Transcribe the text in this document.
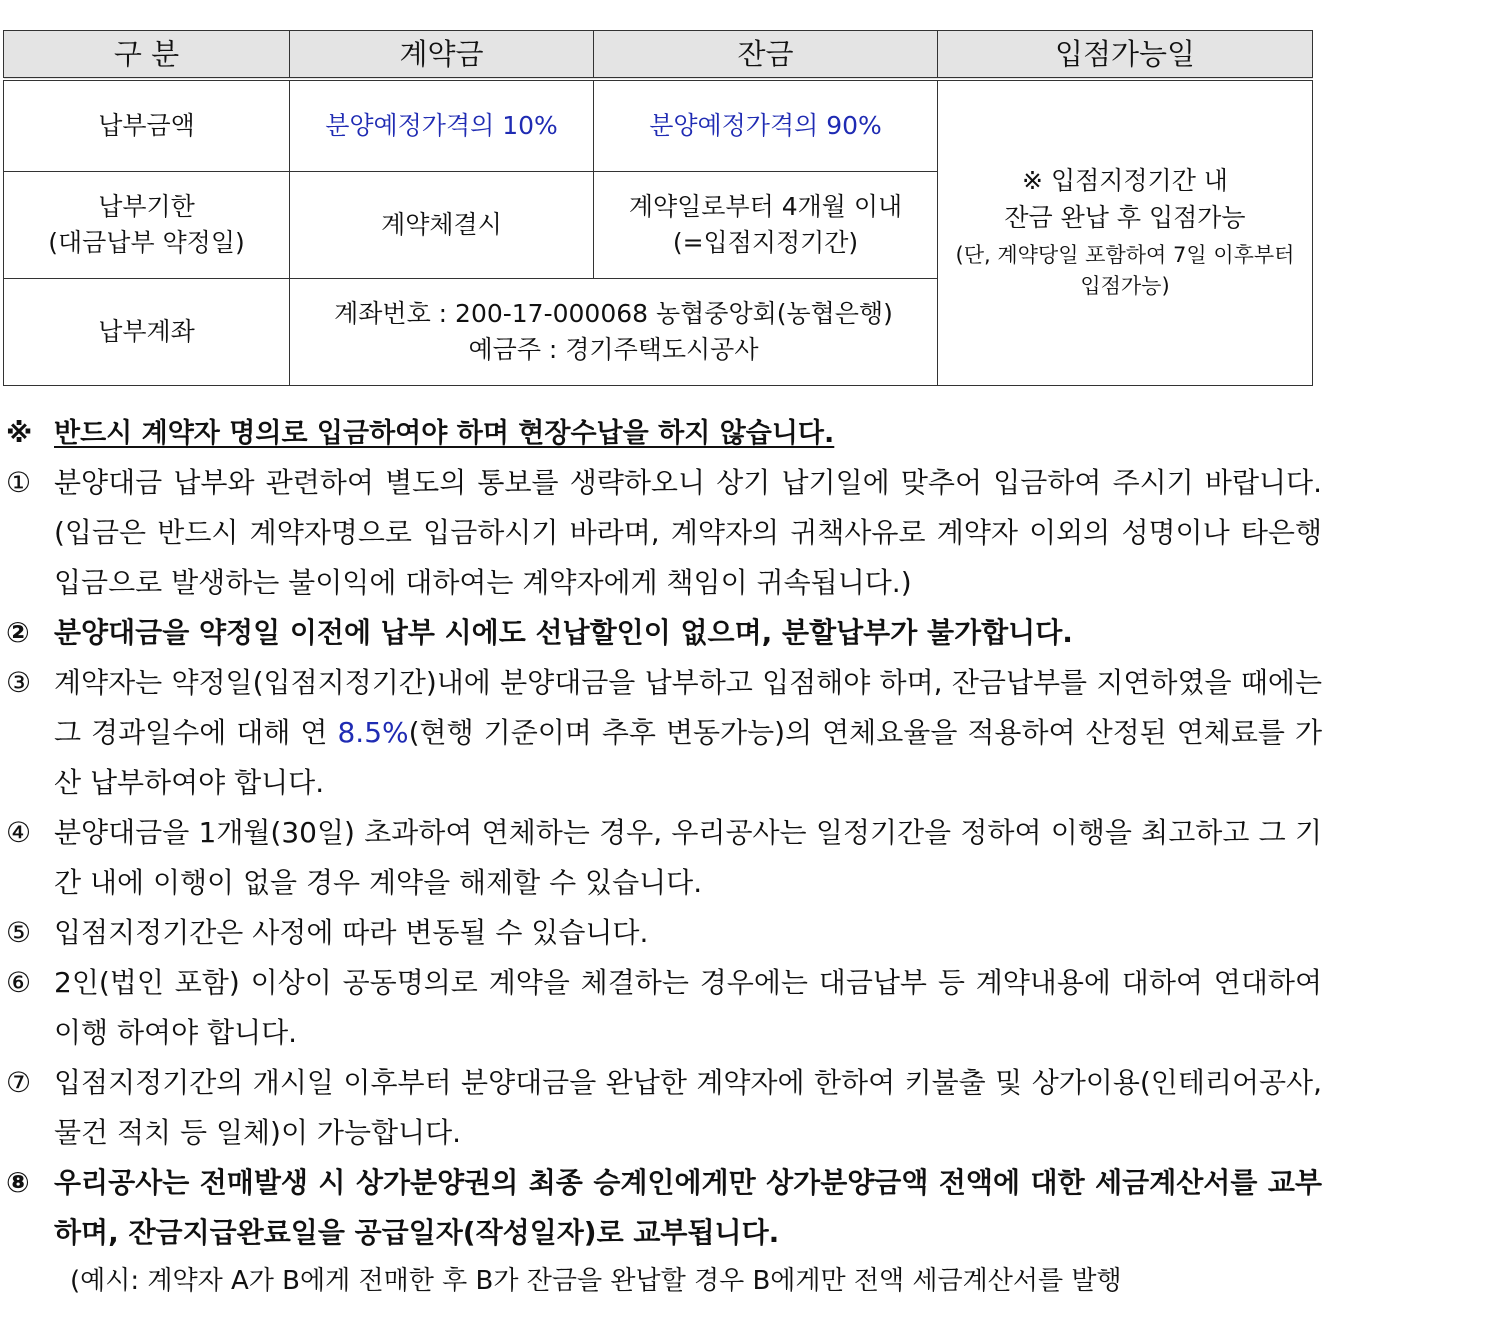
구 분	계약금	잔금	입점가능일
납부금액	분양예정가격의 10%	분양예정가격의 90%	※ 입점지정기간 내
잔금 완납 후 입점가능
(단, 계약당일 포함하여 7일 이후부터
입점가능)

납부기한
(대금납부 약정일)	계약체결시	계약일로부터 4개월 이내
(=입점지정기간)	

납부계좌	계좌번호 : 200-17-000068 농협중앙회(농협은행)
예금주 : 경기주택도시공사		
※ 반드시 계약자 명의로 입금하여야 하며 현장수납을 하지 않습니다.
① 분양대금 납부와 관련하여 별도의 통보를 생략하오니 상기 납기일에 맞추어 입금하여 주시기 바랍니다.(입금은 반드시 계약자명으로 입금하시기 바라며, 계약자의 귀책사유로 계약자 이외의 성명이나 타은행 입금으로 발생하는 불이익에 대하여는 계약자에게 책임이 귀속됩니다.)
② 분양대금을 약정일 이전에 납부 시에도 선납할인이 없으며, 분할납부가 불가합니다.
③ 계약자는 약정일(입점지정기간)내에 분양대금을 납부하고 입점해야 하며, 잔금납부를 지연하였을 때에는 그 경과일수에 대해 연 8.5%(현행 기준이며 추후 변동가능)의 연체요율을 적용하여 산정된 연체료를 가산 납부하여야 합니다.
④ 분양대금을 1개월(30일) 초과하여 연체하는 경우, 우리공사는 일정기간을 정하여 이행을 최고하고 그 기간 내에 이행이 없을 경우 계약을 해제할 수 있습니다.
⑤ 입점지정기간은 사정에 따라 변동될 수 있습니다.
⑥ 2인(법인 포함) 이상이 공동명의로 계약을 체결하는 경우에는 대금납부 등 계약내용에 대하여 연대하여 이행 하여야 합니다.
⑦ 입점지정기간의 개시일 이후부터 분양대금을 완납한 계약자에 한하여 키불출 및 상가이용(인테리어공사, 물건 적치 등 일체)이 가능합니다.
⑧ 우리공사는 전매발생 시 상가분양권의 최종 승계인에게만 상가분양금액 전액에 대한 세금계산서를 교부하며, 잔금지급완료일을 공급일자(작성일자)로 교부됩니다.
(예시: 계약자 A가 B에게 전매한 후 B가 잔금을 완납할 경우 B에게만 전액 세금계산서를 발행
